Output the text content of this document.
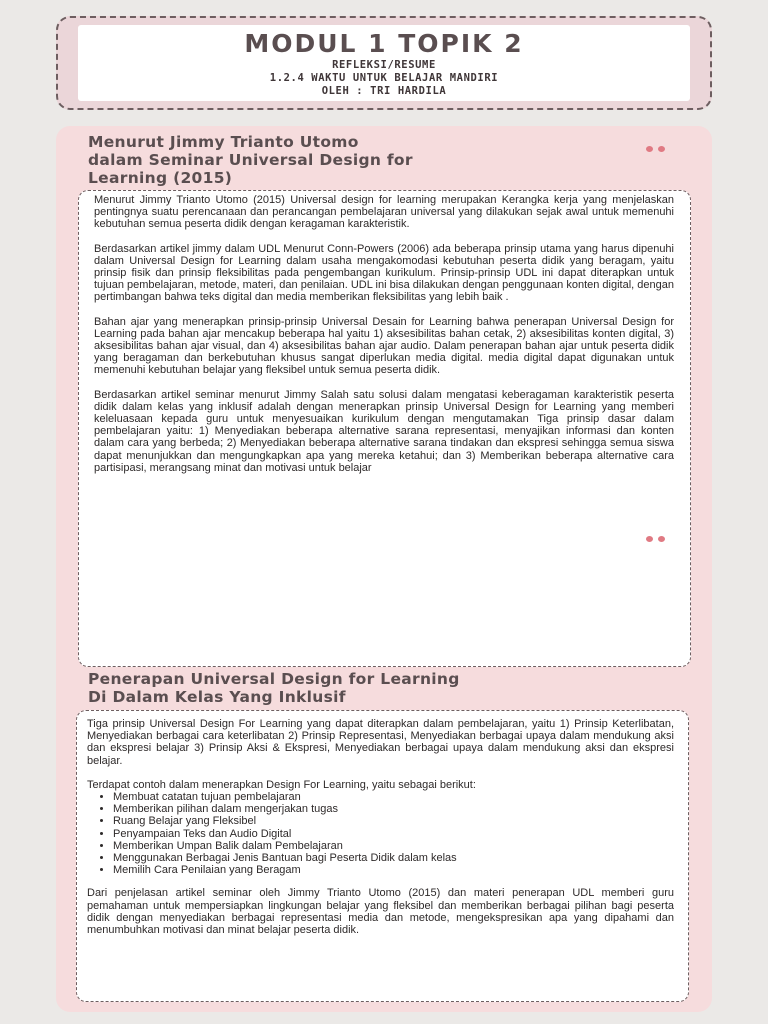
MODUL 1 TOPIK 2
REFLEKSI/RESUME
1.2.4 WAKTU UNTUK BELAJAR MANDIRI
OLEH : TRI HARDILA
Menurut Jimmy Trianto Utomo
dalam Seminar Universal Design for
Learning (2015)

Menurut Jimmy Trianto Utomo (2015) Universal design for learning merupakan Kerangka kerja yang menjelaskan pentingnya suatu perencanaan dan perancangan pembelajaran universal yang dilakukan sejak awal untuk memenuhi kebutuhan semua peserta didik dengan keragaman karakteristik.

Berdasarkan artikel jimmy dalam UDL Menurut Conn-Powers (2006) ada beberapa prinsip utama yang harus dipenuhi dalam Universal Design for Learning dalam usaha mengakomodasi kebutuhan peserta didik yang beragam, yaitu prinsip fisik dan prinsip fleksibilitas pada pengembangan kurikulum. Prinsip-prinsip UDL ini dapat diterapkan untuk tujuan pembelajaran, metode, materi, dan penilaian. UDL ini bisa dilakukan dengan penggunaan konten digital, dengan pertimbangan bahwa teks digital dan media memberikan fleksibilitas yang lebih baik .

Bahan ajar yang menerapkan prinsip-prinsip Universal Desain for Learning bahwa penerapan Universal Design for Learning pada bahan ajar mencakup beberapa hal yaitu 1) aksesibilitas bahan cetak, 2) aksesibilitas konten digital, 3) aksesibilitas bahan ajar visual, dan 4) aksesibilitas bahan ajar audio. Dalam penerapan bahan ajar untuk peserta didik yang beragaman dan berkebutuhan khusus sangat diperlukan media digital. media digital dapat digunakan untuk memenuhi kebutuhan belajar yang fleksibel untuk semua peserta didik.

Berdasarkan artikel seminar menurut Jimmy Salah satu solusi dalam mengatasi keberagaman karakteristik peserta didik dalam kelas yang inklusif adalah dengan menerapkan prinsip Universal Design for Learning yang memberi keleluasaan kepada guru untuk menyesuaikan kurikulum dengan mengutamakan Tiga prinsip dasar dalam pembelajaran yaitu: 1) Menyediakan beberapa alternative sarana representasi, menyajikan informasi dan konten dalam cara yang berbeda; 2) Menyediakan beberapa alternative sarana tindakan dan ekspresi sehingga semua siswa dapat menunjukkan dan mengungkapkan apa yang mereka ketahui; dan 3) Memberikan beberapa alternative cara partisipasi, merangsang minat dan motivasi untuk belajar

Penerapan Universal Design for Learning
Di Dalam Kelas Yang Inklusif

Tiga prinsip Universal Design For Learning yang dapat diterapkan dalam pembelajaran, yaitu 1) Prinsip Keterlibatan, Menyediakan berbagai cara keterlibatan 2) Prinsip Representasi, Menyediakan berbagai upaya dalam mendukung aksi dan ekspresi belajar 3) Prinsip Aksi & Ekspresi, Menyediakan berbagai upaya dalam mendukung aksi dan ekspresi belajar.

Terdapat contoh dalam menerapkan Design For Learning, yaitu sebagai berikut:

• Membuat catatan tujuan pembelajaran
• Memberikan pilihan dalam mengerjakan tugas
• Ruang Belajar yang Fleksibel
• Penyampaian Teks dan Audio Digital
• Memberikan Umpan Balik dalam Pembelajaran
• Menggunakan Berbagai Jenis Bantuan bagi Peserta Didik dalam kelas
• Memilih Cara Penilaian yang Beragam

Dari penjelasan artikel seminar oleh Jimmy Trianto Utomo (2015) dan materi penerapan UDL memberi guru pemahaman untuk mempersiapkan lingkungan belajar yang fleksibel dan memberikan berbagai pilihan bagi peserta didik dengan menyediakan berbagai representasi media dan metode, mengekspresikan apa yang dipahami dan menumbuhkan motivasi dan minat belajar peserta didik.
